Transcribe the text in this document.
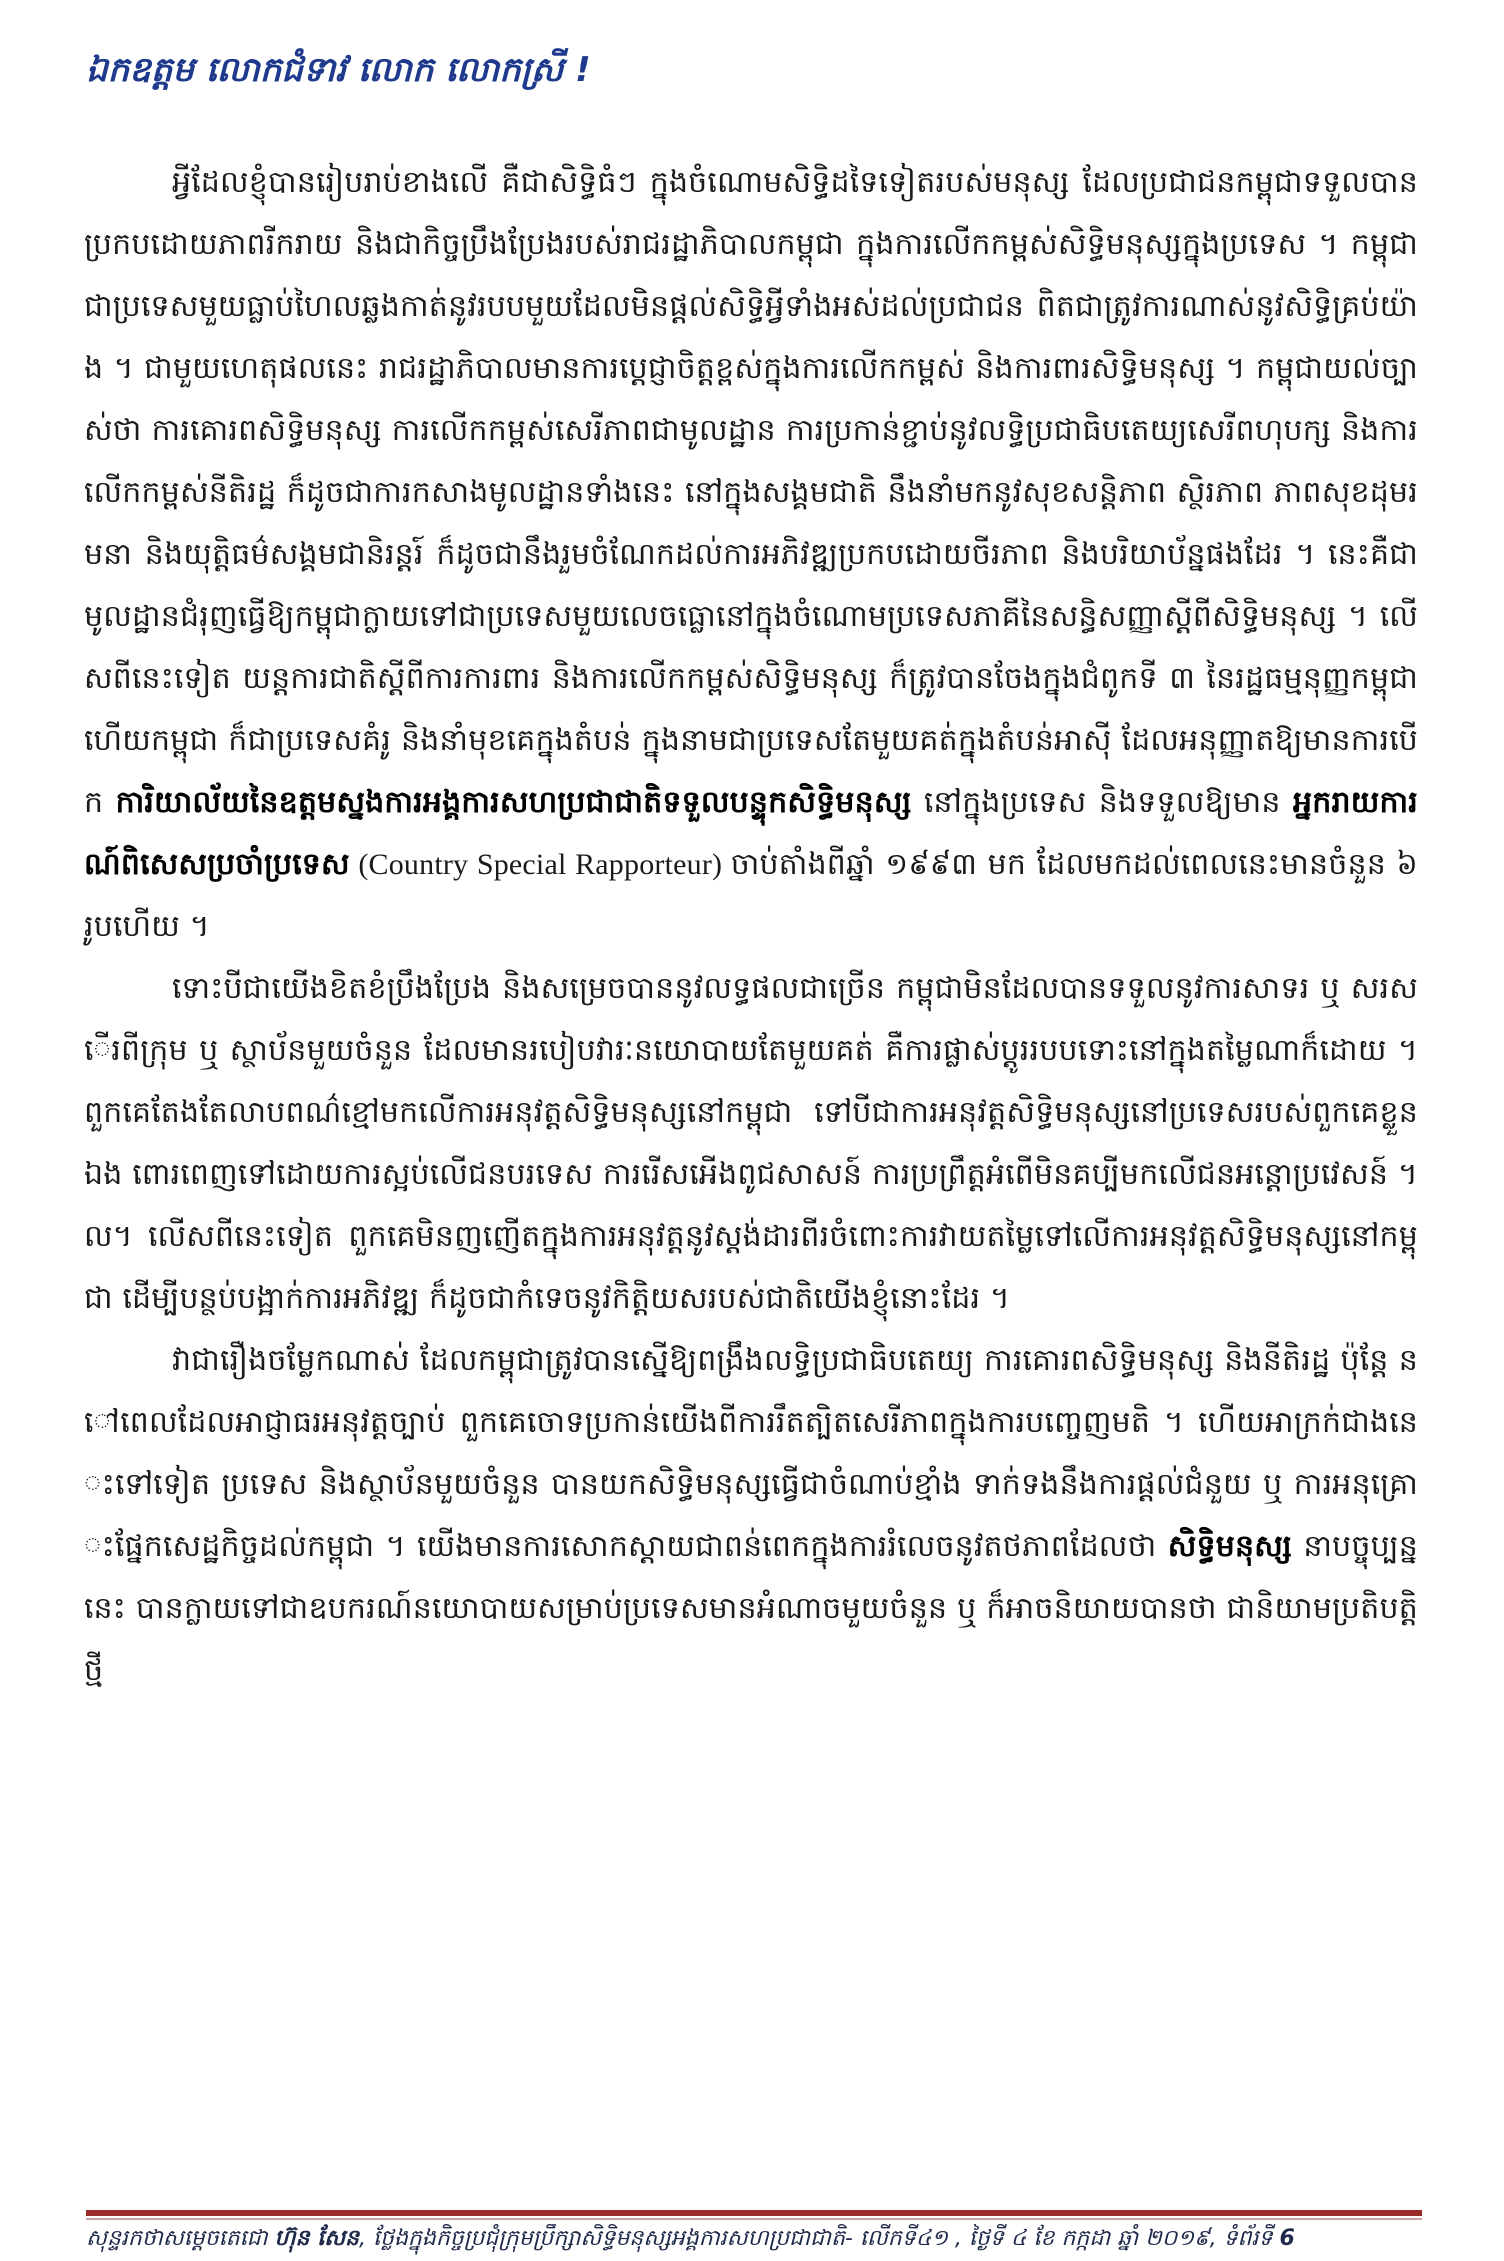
ឯកឧត្តម លោកជំទាវ លោក លោកស្រី !

អ្វីដែលខ្ញុំបានរៀបរាប់ខាងលើ គឺជាសិទ្ធិធំៗ ក្នុងចំណោមសិទ្ធិដទៃទៀតរបស់មនុស្ស ដែលប្រជាជនកម្ពុជាទទួលបានប្រកបដោយភាពរីករាយ និងជាកិច្ចប្រឹងប្រែងរបស់រាជរដ្ឋាភិបាលកម្ពុជា ក្នុងការលើកកម្ពស់សិទ្ធិមនុស្សក្នុងប្រទេស ។ កម្ពុជា ជាប្រទេសមួយធ្លាប់ហៃលឆ្លងកាត់នូវរបបមួយដែលមិនផ្តល់សិទ្ធិអ្វីទាំងអស់ដល់ប្រជាជន ពិតជាត្រូវការណាស់នូវសិទ្ធិគ្រប់យ៉ាង ។ ជាមួយហេតុផលនេះ រាជរដ្ឋាភិបាលមានការប្តេជ្ញាចិត្តខ្ពស់ក្នុងការលើកកម្ពស់ និងការពារសិទ្ធិមនុស្ស ។ កម្ពុជាយល់ច្បាស់ថា ការគោរពសិទ្ធិមនុស្ស ការលើកកម្ពស់សេរីភាពជាមូលដ្ឋាន ការប្រកាន់ខ្ជាប់នូវលទ្ធិប្រជាធិបតេយ្យសេរីពហុបក្ស និងការលើកកម្ពស់នីតិរដ្ឋ ក៏ដូចជាការកសាងមូលដ្ឋានទាំងនេះ នៅក្នុងសង្គមជាតិ នឹងនាំមកនូវសុខសន្តិភាព ស្ថិរភាព ភាពសុខដុមរមនា និងយុត្តិធម៌សង្គមជានិរន្តរ៍ ក៏ដូចជានឹងរួមចំណែកដល់ការអភិវឌ្ឍប្រកបដោយចីរភាព និងបរិយាប័ន្នផងដែរ ។ នេះគឺជាមូលដ្ឋានជំរុញធ្វើឱ្យកម្ពុជាក្លាយទៅជាប្រទេសមួយលេចធ្លោនៅក្នុងចំណោមប្រទេសភាគីនៃសន្ធិសញ្ញាស្តីពីសិទ្ធិមនុស្ស ។ លើសពីនេះទៀត យន្តការជាតិស្តីពីការការពារ និងការលើកកម្ពស់សិទ្ធិមនុស្ស ក៏ត្រូវបានចែងក្នុងជំពូកទី ៣ នៃរដ្ឋធម្មនុញ្ញកម្ពុជា ហើយកម្ពុជា ក៏ជាប្រទេសគំរូ និងនាំមុខគេក្នុងតំបន់ ក្នុងនាមជាប្រទេសតែមួយគត់ក្នុងតំបន់អាស៊ី ដែលអនុញ្ញាតឱ្យមានការបើក ការិយាល័យនៃឧត្តមស្នងការអង្គការសហប្រជាជាតិទទួលបន្ទុកសិទ្ធិមនុស្ស នៅក្នុងប្រទេស និងទទួលឱ្យមាន អ្នករាយការណ៍ពិសេសប្រចាំប្រទេស (Country Special Rapporteur) ចាប់តាំងពីឆ្នាំ ១៩៩៣ មក ដែលមកដល់ពេលនេះមានចំនួន ៦ រូបហើយ ។

ទោះបីជាយើងខិតខំប្រឹងប្រែង និងសម្រេចបាននូវលទ្ធផលជាច្រើន កម្ពុជាមិនដែលបានទទួលនូវការសាទរ ឬ សរសើរពីក្រុម ឬ ស្ថាប័នមួយចំនួន ដែលមានរបៀបវារៈនយោបាយតែមួយគត់ គឺការផ្លាស់ប្តូររបបទោះនៅក្នុងតម្លៃណាក៏ដោយ ។ ពួកគេតែងតែលាបពណ៌ខ្មៅមកលើការអនុវត្តសិទ្ធិមនុស្សនៅកម្ពុជា ទៅបីជាការអនុវត្តសិទ្ធិមនុស្សនៅប្រទេសរបស់ពួកគេខ្លួនឯង ពោរពេញទៅដោយការស្អប់លើជនបរទេស ការរើសអើងពូជសាសន៍ ការប្រព្រឹត្តអំពើមិនគប្បីមកលើជនអន្តោប្រវេសន៍ ។ល។ លើសពីនេះទៀត ពួកគេមិនញញើតក្នុងការអនុវត្តនូវស្តង់ដារពីរចំពោះការវាយតម្លៃទៅលើការអនុវត្តសិទ្ធិមនុស្សនៅកម្ពុជា ដើម្បីបន្ថប់បង្អាក់ការអភិវឌ្ឍ ក៏ដូចជាកំទេចនូវកិត្តិយសរបស់ជាតិយើងខ្ញុំនោះដែរ ។

វាជារឿងចម្លែកណាស់ ដែលកម្ពុជាត្រូវបានស្នើឱ្យពង្រឹងលទ្ធិប្រជាធិបតេយ្យ ការគោរពសិទ្ធិមនុស្ស និងនីតិរដ្ឋ ប៉ុន្តែ នៅពេលដែលអាជ្ញាធរអនុវត្តច្បាប់ ពួកគេចោទប្រកាន់យើងពីការរឹតត្បិតសេរីភាពក្នុងការបញ្ចេញមតិ ។ ហើយអាក្រក់ជាងនេះទៅទៀត ប្រទេស និងស្ថាប័នមួយចំនួន បានយកសិទ្ធិមនុស្សធ្វើជាចំណាប់ខ្មាំង ទាក់ទងនឹងការផ្តល់ជំនួយ ឬ ការអនុគ្រោះផ្នែកសេដ្ឋកិច្ចដល់កម្ពុជា ។ យើងមានការសោកស្តាយជាពន់ពេកក្នុងការរំលេចនូវតថភាពដែលថា សិទ្ធិមនុស្ស នាបច្ចុប្បន្ននេះ បានក្លាយទៅជាឧបករណ៍នយោបាយសម្រាប់ប្រទេសមានអំណាចមួយចំនួន ឬ ក៏អាចនិយាយបានថា ជានិយាមប្រតិបត្តិថ្មី

សុន្ទរកថាសម្តេចតេជោ ហ៊ុន សែន, ថ្លែងក្នុងកិច្ចប្រជុំក្រុមប្រឹក្សាសិទ្ធិមនុស្សអង្គការសហប្រជាជាតិ- លើកទី៤១ , ថ្ងៃទី ៤ ខែ កក្កដា ឆ្នាំ ២០១៩, ទំព័រទី 6
